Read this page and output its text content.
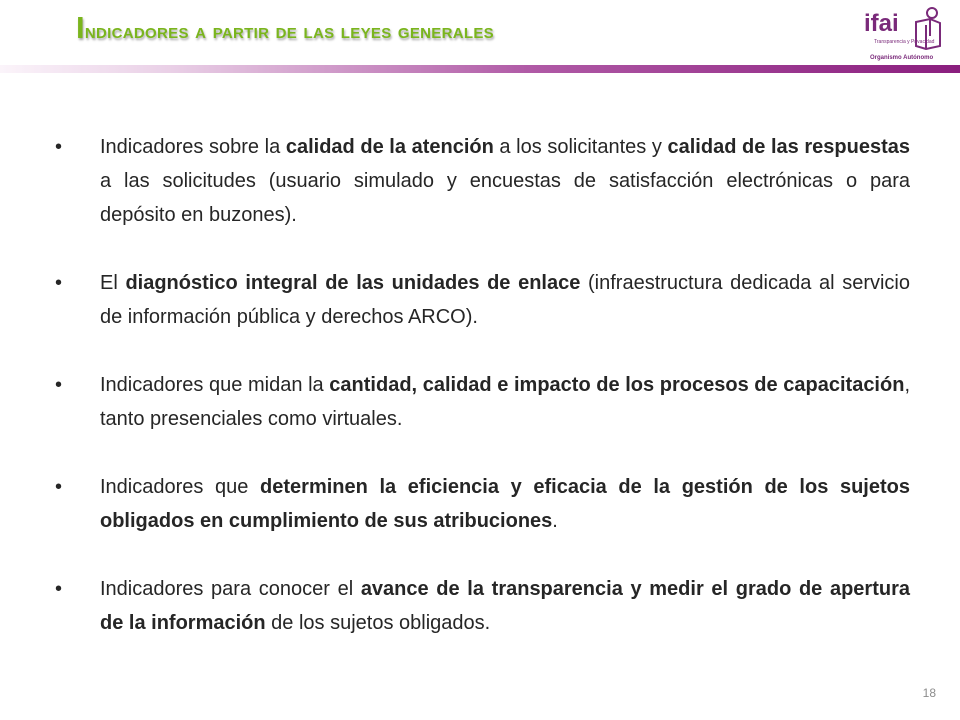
Indicadores a partir de las leyes generales	ifai
Transparencia y Privacidad
Organismo Autónomo
•	Indicadores sobre la calidad de la atención a los solicitantes y calidad de las respuestas a las solicitudes (usuario simulado y encuestas de satisfacción electrónicas o para depósito en buzones).
•	El diagnóstico integral de las unidades de enlace (infraestructura dedicada al servicio de información pública y derechos ARCO).
•	Indicadores que midan la cantidad, calidad e impacto de los procesos de capacitación, tanto presenciales como virtuales.
•	Indicadores que determinen la eficiencia y eficacia de la gestión de los sujetos obligados en cumplimiento de sus atribuciones.
•	Indicadores para conocer el avance de la transparencia y medir el grado de apertura de la información de los sujetos obligados.
18
